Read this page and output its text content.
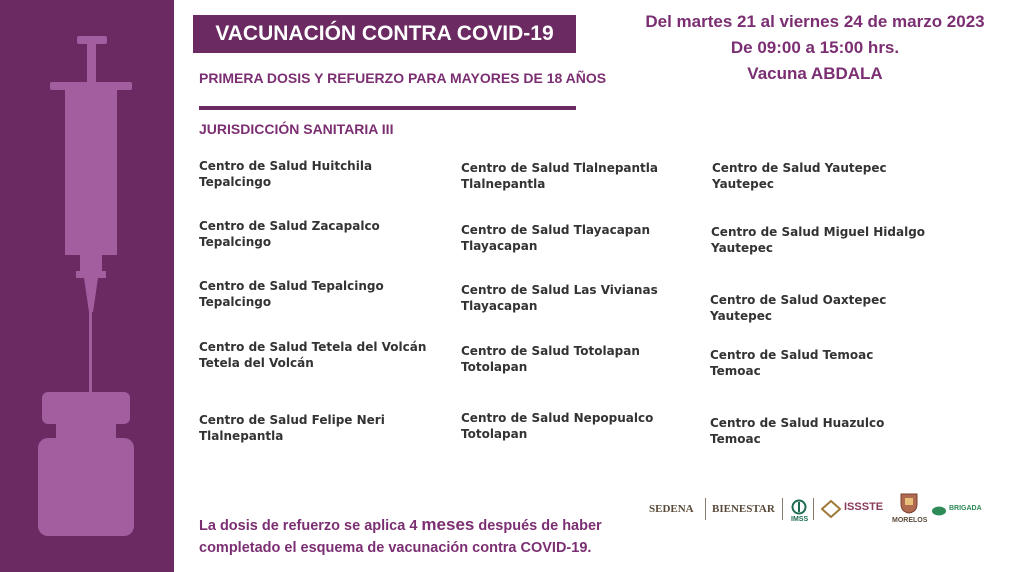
VACUNACIÓN CONTRA COVID-19
PRIMERA DOSIS Y REFUERZO PARA MAYORES DE 18 AÑOS
JURISDICCIÓN SANITARIA III
Del martes 21 al viernes 24 de marzo 2023
De 09:00 a 15:00 hrs.
Vacuna ABDALA
Centro de Salud Huitchila
Tepalcingo
Centro de Salud Zacapalco
Tepalcingo
Centro de Salud Tepalcingo
Tepalcingo
Centro de Salud Tetela del Volcán
Tetela del Volcán
Centro de Salud Felipe Neri
Tlalnepantla
Centro de Salud Tlalnepantla
Tlalnepantla
Centro de Salud Tlayacapan
Tlayacapan
Centro de Salud Las Vivianas
Tlayacapan
Centro de Salud Totolapan
Totolapan
Centro de Salud Nepopualco
Totolapan
Centro de Salud Yautepec
Yautepec
Centro de Salud Miguel Hidalgo
Yautepec
Centro de Salud Oaxtepec
Yautepec
Centro de Salud Temoac
Temoac
Centro de Salud Huazulco
Temoac
La dosis de refuerzo se aplica 4 meses después de haber completado el esquema de vacunación contra COVID-19.
SEDENA BIENESTAR
IMSS
ISSSTE
MORELOS
BRIGADA
